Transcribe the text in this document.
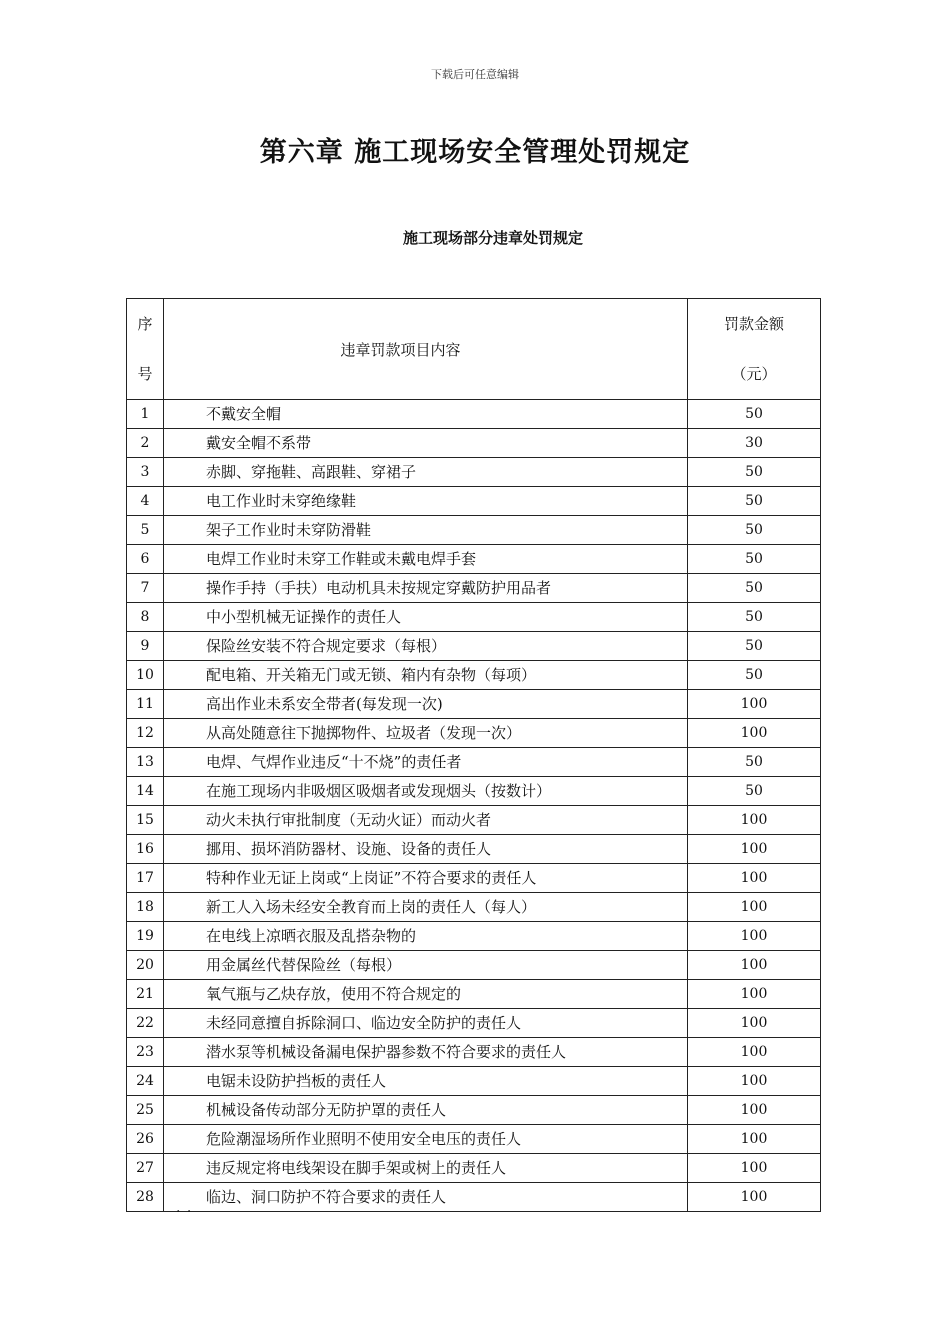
下载后可任意编辑
第六章 施工现场安全管理处罚规定
施工现场部分违章处罚规定
序
号	违章罚款项目内容	罚款金额
（元）

1	不戴安全帽	50
2	戴安全帽不系带	30
3	赤脚、穿拖鞋、高跟鞋、穿裙子	50
4	电工作业时未穿绝缘鞋	50
5	架子工作业时未穿防滑鞋	50
6	电焊工作业时未穿工作鞋或未戴电焊手套	50
7	操作手持（手扶）电动机具未按规定穿戴防护用品者	50
8	中小型机械无证操作的责任人	50
9	保险丝安装不符合规定要求（每根）	50
10	配电箱、开关箱无门或无锁、箱内有杂物（每项）	50
11	高出作业未系安全带者(每发现一次)	100
12	从高处随意往下抛掷物件、垃圾者（发现一次）	100
13	电焊、气焊作业违反“十不烧”的责任者	50
14	在施工现场内非吸烟区吸烟者或发现烟头（按数计）	50
15	动火未执行审批制度（无动火证）而动火者	100
16	挪用、损坏消防器材、设施、设备的责任人	100
17	特种作业无证上岗或“上岗证”不符合要求的责任人	100
18	新工人入场未经安全教育而上岗的责任人（每人）	100
19	在电线上凉晒衣服及乱搭杂物的	100
20	用金属丝代替保险丝（每根）	100
21	氧气瓶与乙炔存放，使用不符合规定的	100
22	未经同意擅自拆除洞口、临边安全防护的责任人	100
23	潜水泵等机械设备漏电保护器参数不符合要求的责任人	100
24	电锯未设防护挡板的责任人	100
25	机械设备传动部分无防护罩的责任人	100
26	危险潮湿场所作业照明不使用安全电压的责任人	100
27	违反规定将电线架设在脚手架或树上的责任人	100
28	临边、洞口防护不符合要求的责任人	100
. .
